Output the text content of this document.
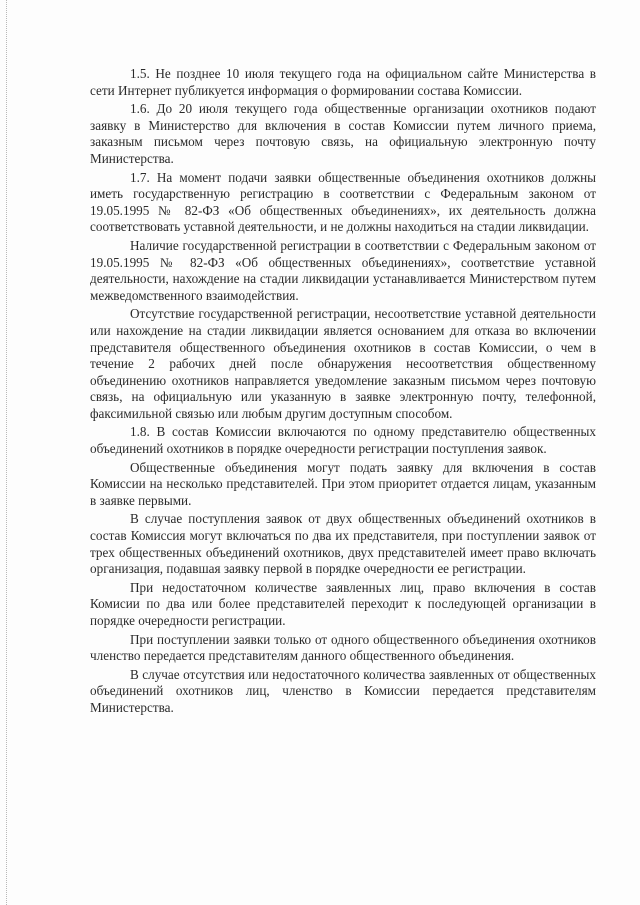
1.5. Не позднее 10 июля текущего года на официальном сайте Министерства в сети Интернет публикуется информация о формировании состава Комиссии.

1.6. До 20 июля текущего года общественные организации охотников подают заявку в Министерство для включения в состав Комиссии путем личного приема, заказным письмом через почтовую связь, на официальную электронную почту Министерства.

1.7. На момент подачи заявки общественные объединения охотников должны иметь государственную регистрацию в соответствии с Федеральным законом от 19.05.1995 № 82-ФЗ «Об общественных объединениях», их деятельность должна соответствовать уставной деятельности, и не должны находиться на стадии ликвидации.

Наличие государственной регистрации в соответствии с Федеральным законом от 19.05.1995 № 82-ФЗ «Об общественных объединениях», соответствие уставной деятельности, нахождение на стадии ликвидации устанавливается Министерством путем межведомственного взаимодействия.

Отсутствие государственной регистрации, несоответствие уставной деятельности или нахождение на стадии ликвидации является основанием для отказа во включении представителя общественного объединения охотников в состав Комиссии, о чем в течение 2 рабочих дней после обнаружения несоответствия общественному объединению охотников направляется уведомление заказным письмом через почтовую связь, на официальную или указанную в заявке электронную почту, телефонной, факсимильной связью или любым другим доступным способом.

1.8. В состав Комиссии включаются по одному представителю общественных объединений охотников в порядке очередности регистрации поступления заявок.

Общественные объединения могут подать заявку для включения в состав Комиссии на несколько представителей. При этом приоритет отдается лицам, указанным в заявке первыми.

В случае поступления заявок от двух общественных объединений охотников в состав Комиссия могут включаться по два их представителя, при поступлении заявок от трех общественных объединений охотников, двух представителей имеет право включать организация, подавшая заявку первой в порядке очередности ее регистрации.

При недостаточном количестве заявленных лиц, право включения в состав Комисии по два или более представителей переходит к последующей организации в порядке очередности регистрации.

При поступлении заявки только от одного общественного объединения охотников членство передается представителям данного общественного объединения.

В случае отсутствия или недостаточного количества заявленных от общественных объединений охотников лиц, членство в Комиссии передается представителям Министерства.
